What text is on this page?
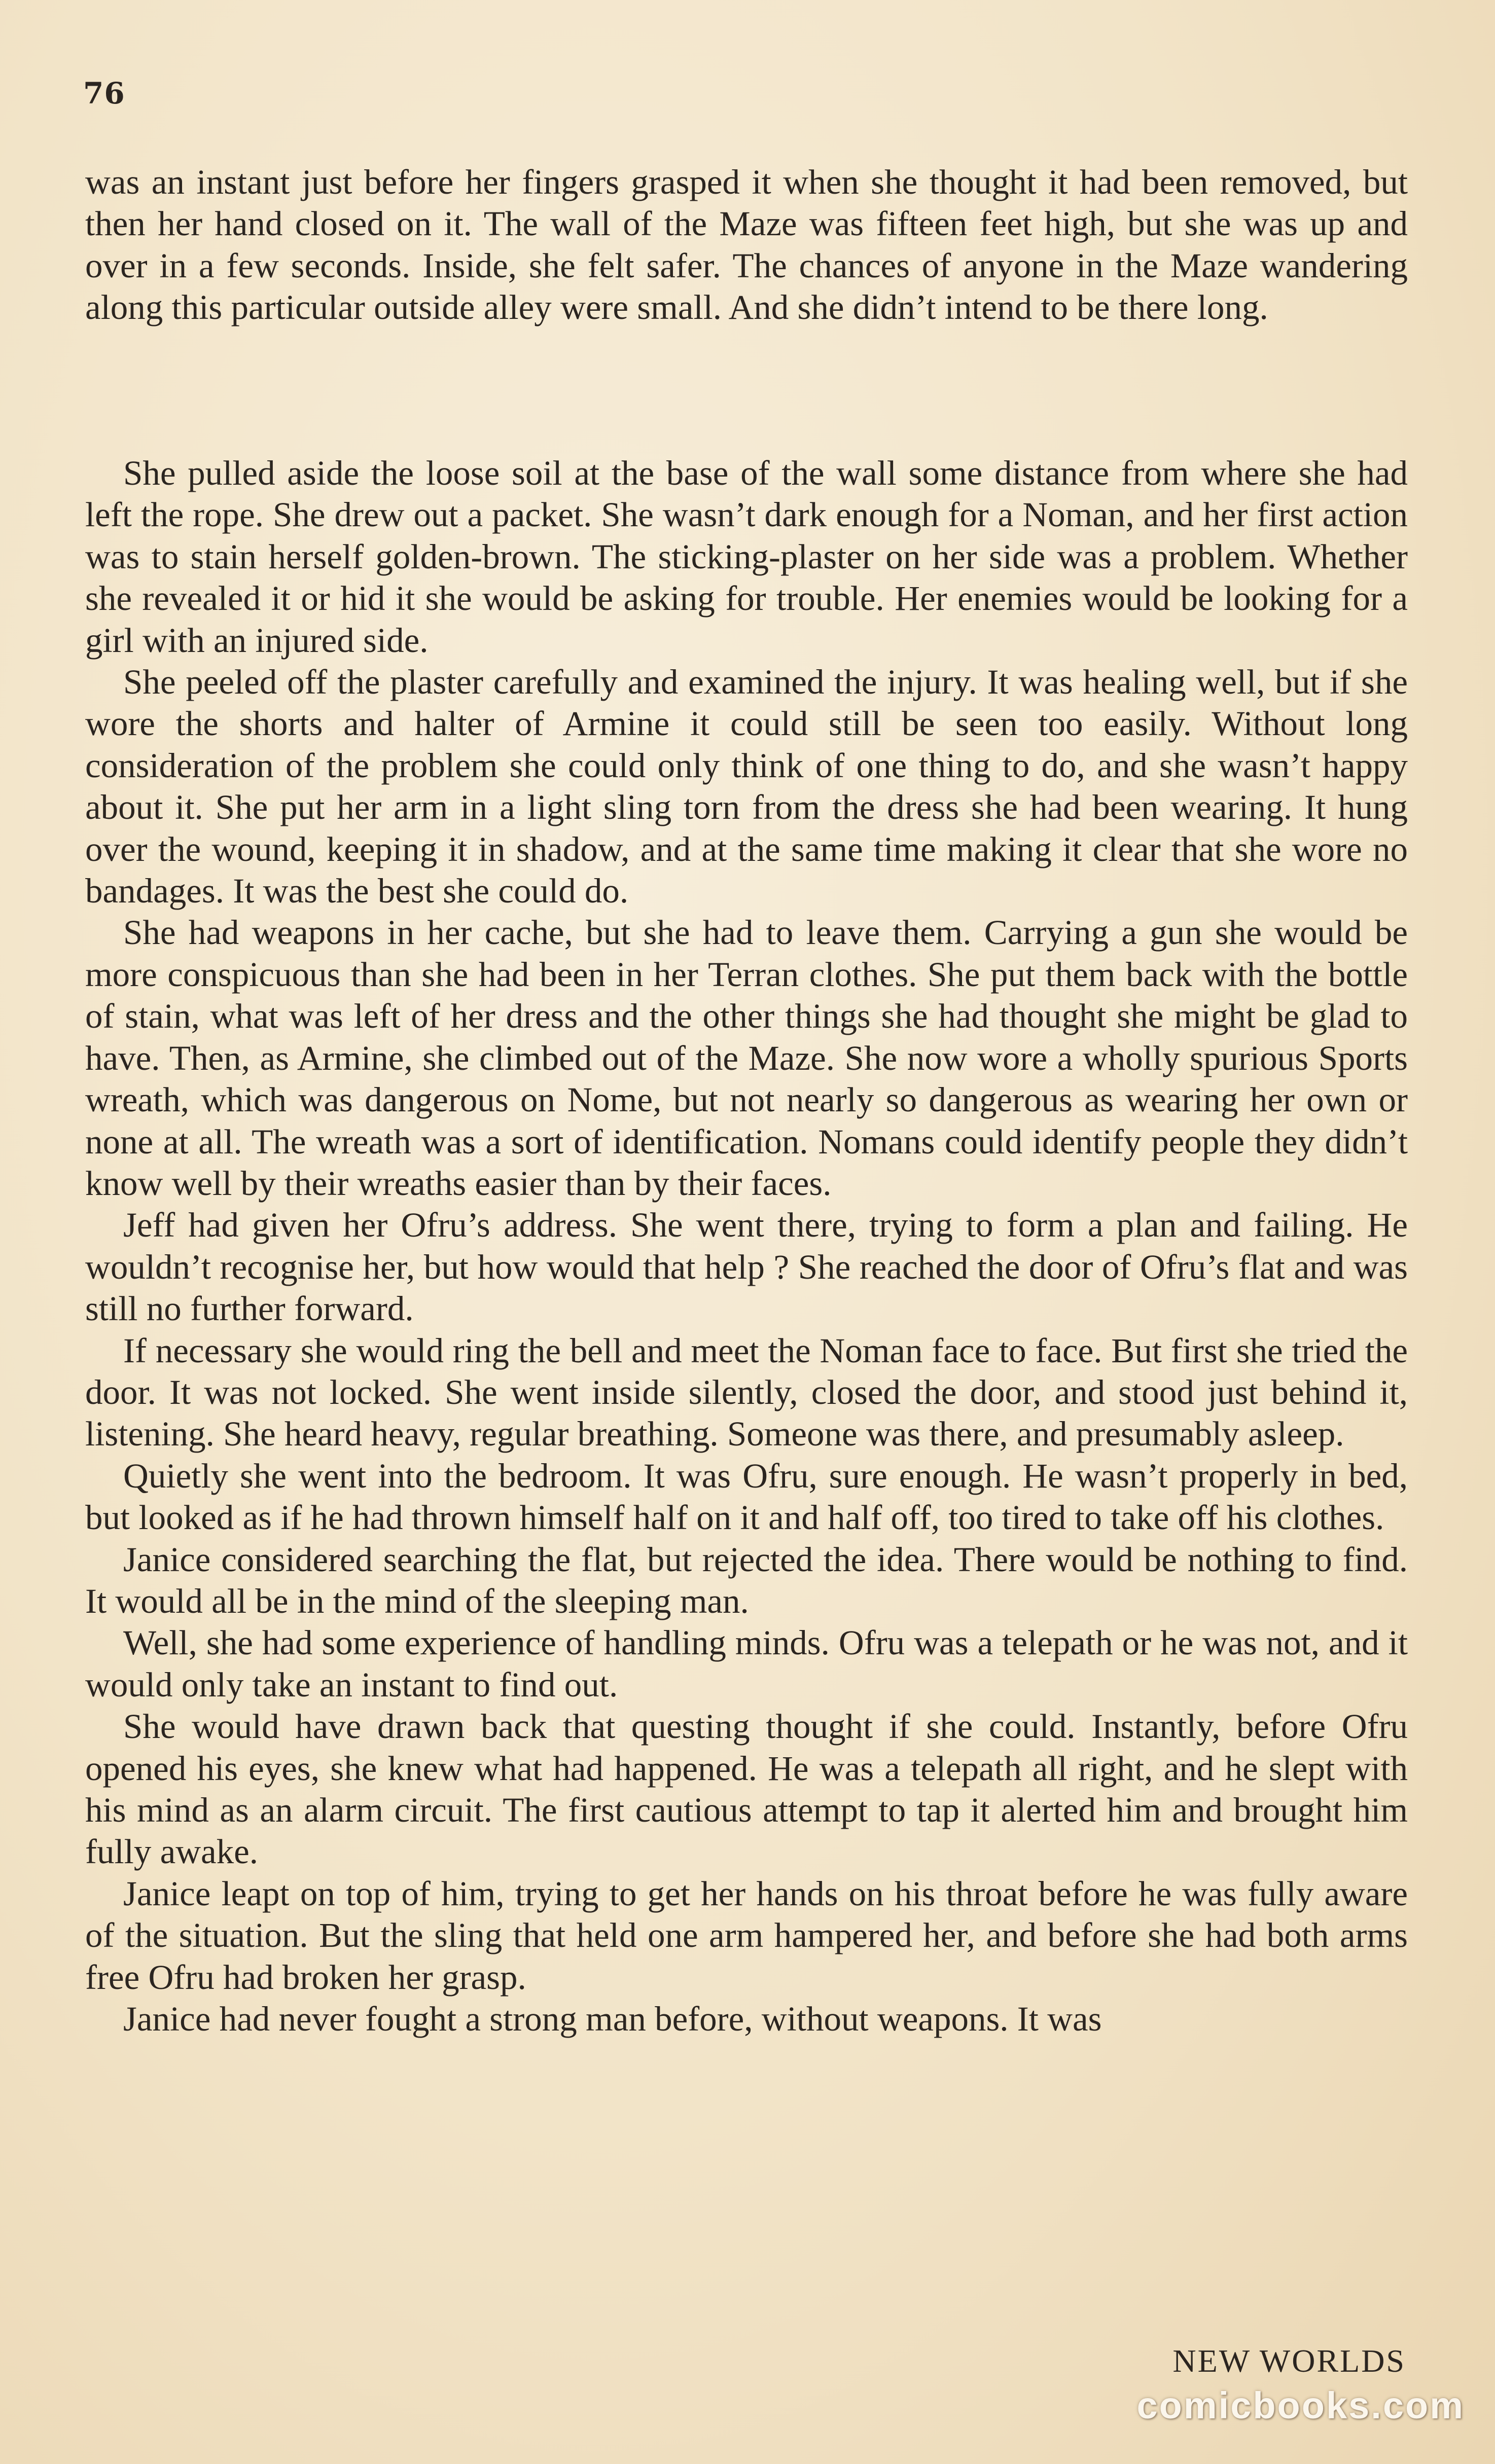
76

was an instant just before her fingers grasped it when she thought it had been removed, but then her hand closed on it. The wall of the Maze was fifteen feet high, but she was up and over in a few seconds. Inside, she felt safer. The chances of anyone in the Maze wandering along this particular outside alley were small. And she didn’t intend to be there long.

She pulled aside the loose soil at the base of the wall some distance from where she had left the rope. She drew out a packet. She wasn’t dark enough for a Noman, and her first action was to stain herself golden-brown. The sticking-plaster on her side was a problem. Whether she revealed it or hid it she would be asking for trouble. Her enemies would be looking for a girl with an injured side.

She peeled off the plaster carefully and examined the injury. It was healing well, but if she wore the shorts and halter of Armine it could still be seen too easily. Without long consideration of the problem she could only think of one thing to do, and she wasn’t happy about it. She put her arm in a light sling torn from the dress she had been wearing. It hung over the wound, keeping it in shadow, and at the same time making it clear that she wore no bandages. It was the best she could do.

She had weapons in her cache, but she had to leave them. Carrying a gun she would be more conspicuous than she had been in her Terran clothes. She put them back with the bottle of stain, what was left of her dress and the other things she had thought she might be glad to have. Then, as Armine, she climbed out of the Maze. She now wore a wholly spurious Sports wreath, which was dangerous on Nome, but not nearly so dangerous as wearing her own or none at all. The wreath was a sort of identification. Nomans could identify people they didn’t know well by their wreaths easier than by their faces.

Jeff had given her Ofru’s address. She went there, trying to form a plan and failing. He wouldn’t recognise her, but how would that help ? She reached the door of Ofru’s flat and was still no further forward.

If necessary she would ring the bell and meet the Noman face to face. But first she tried the door. It was not locked. She went inside silently, closed the door, and stood just behind it, listening. She heard heavy, regular breathing. Someone was there, and presumably asleep.

Quietly she went into the bedroom. It was Ofru, sure enough. He wasn’t properly in bed, but looked as if he had thrown himself half on it and half off, too tired to take off his clothes.

Janice considered searching the flat, but rejected the idea. There would be nothing to find. It would all be in the mind of the sleeping man.

Well, she had some experience of handling minds. Ofru was a telepath or he was not, and it would only take an instant to find out.

She would have drawn back that questing thought if she could. Instantly, before Ofru opened his eyes, she knew what had happened. He was a telepath all right, and he slept with his mind as an alarm circuit. The first cautious attempt to tap it alerted him and brought him fully awake.

Janice leapt on top of him, trying to get her hands on his throat before he was fully aware of the situation. But the sling that held one arm hampered her, and before she had both arms free Ofru had broken her grasp.

Janice had never fought a strong man before, without weapons. It was

NEW WORLDS
comicbooks.com
